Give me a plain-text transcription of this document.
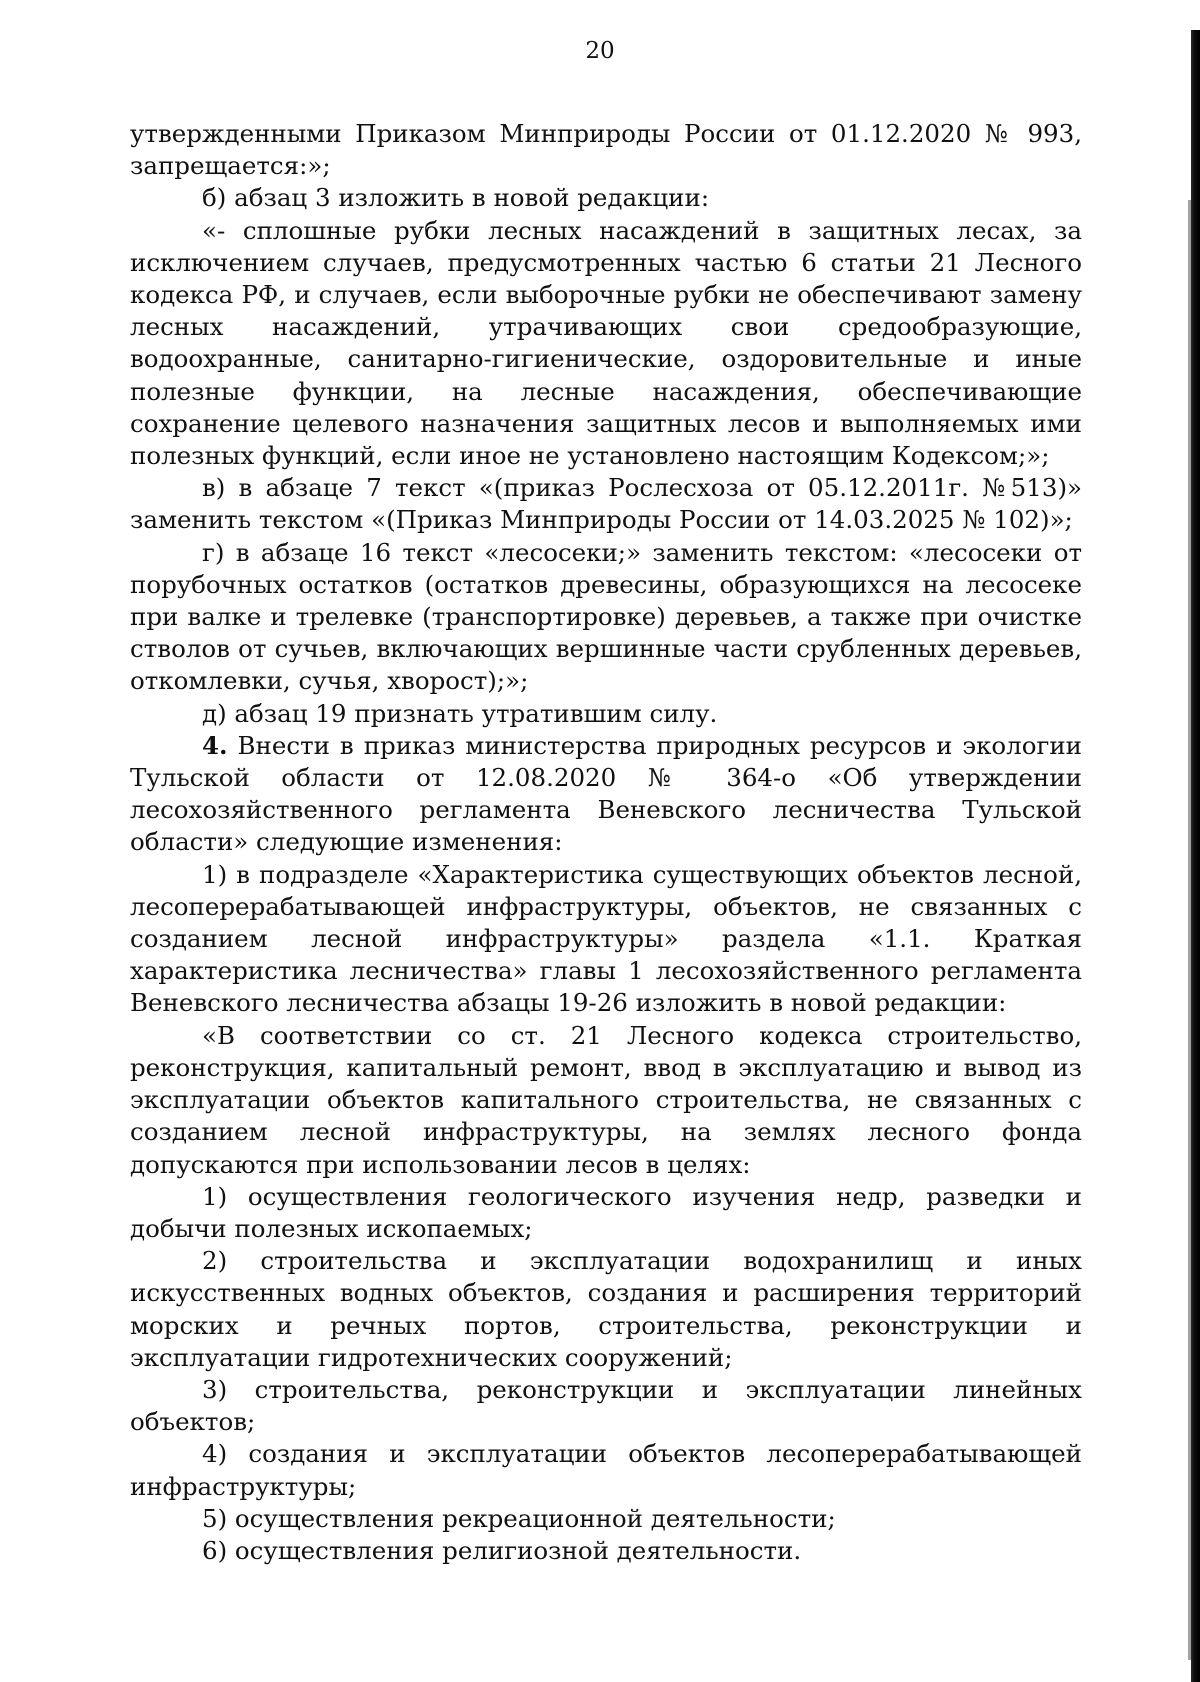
20

утвержденными Приказом Минприроды России от 01.12.2020 № 993, запрещается:»;

б) абзац 3 изложить в новой редакции:

«- сплошные рубки лесных насаждений в защитных лесах, за исключением случаев, предусмотренных частью 6 статьи 21 Лесного кодекса РФ, и случаев, если выборочные рубки не обеспечивают замену лесных насаждений, утрачивающих свои средообразующие, водоохранные, санитарно-гигиенические, оздоровительные и иные полезные функции, на лесные насаждения, обеспечивающие сохранение целевого назначения защитных лесов и выполняемых ими полезных функций, если иное не установлено настоящим Кодексом;»;

в) в абзаце 7 текст «(приказ Рослесхоза от 05.12.2011г. №513)» заменить текстом «(Приказ Минприроды России от 14.03.2025 № 102)»;

г) в абзаце 16 текст «лесосеки;» заменить текстом: «лесосеки от порубочных остатков (остатков древесины, образующихся на лесосеке при валке и трелевке (транспортировке) деревьев, а также при очистке стволов от сучьев, включающих вершинные части срубленных деревьев, откомлевки, сучья, хворост);»;

д) абзац 19 признать утратившим силу.

4. Внести в приказ министерства природных ресурсов и экологии Тульской области от 12.08.2020 № 364-о «Об утверждении лесохозяйственного регламента Веневского лесничества Тульской области» следующие изменения:

1) в подразделе «Характеристика существующих объектов лесной, лесоперерабатывающей инфраструктуры, объектов, не связанных с созданием лесной инфраструктуры» раздела «1.1. Краткая характеристика лесничества» главы 1 лесохозяйственного регламента Веневского лесничества абзацы 19-26 изложить в новой редакции:

«В соответствии со ст. 21 Лесного кодекса строительство, реконструкция, капитальный ремонт, ввод в эксплуатацию и вывод из эксплуатации объектов капитального строительства, не связанных с созданием лесной инфраструктуры, на землях лесного фонда допускаются при использовании лесов в целях:

1) осуществления геологического изучения недр, разведки и добычи полезных ископаемых;

2) строительства и эксплуатации водохранилищ и иных искусственных водных объектов, создания и расширения территорий морских и речных портов, строительства, реконструкции и эксплуатации гидротехнических сооружений;

3) строительства, реконструкции и эксплуатации линейных объектов;

4) создания и эксплуатации объектов лесоперерабатывающей инфраструктуры;

5) осуществления рекреационной деятельности;

6) осуществления религиозной деятельности.
